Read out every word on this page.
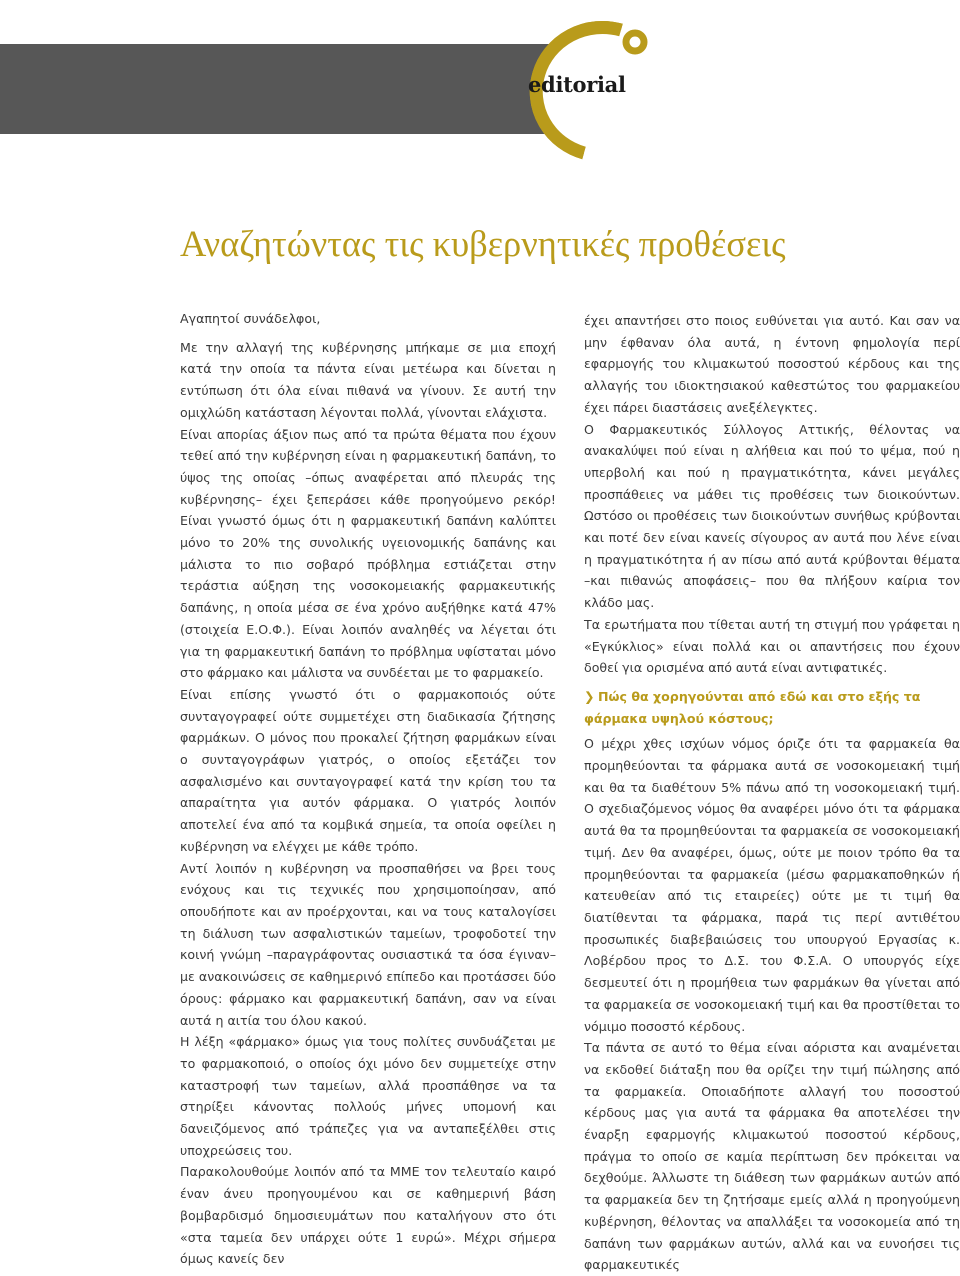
editorial
Αναζητώντας τις κυβερνητικές προθέσεις

Αγαπητοί συνάδελφοι,

Με την αλλαγή της κυβέρνησης μπήκαμε σε μια εποχή κατά την οποία τα πάντα είναι μετέωρα και δίνεται η εντύπωση ότι όλα είναι πιθανά να γίνουν. Σε αυτή την ομιχλώδη κατάσταση λέγονται πολλά, γίνονται ελάχιστα.

Είναι απορίας άξιον πως από τα πρώτα θέματα που έχουν τεθεί από την κυβέρνηση είναι η φαρμακευτική δαπάνη, το ύψος της οποίας –όπως αναφέρεται από πλευράς της κυβέρνησης– έχει ξεπεράσει κάθε προηγούμενο ρεκόρ! Είναι γνωστό όμως ότι η φαρμακευτική δαπάνη καλύπτει μόνο το 20% της συνολικής υγειονομικής δαπάνης και μάλιστα το πιο σοβαρό πρόβλημα εστιάζεται στην τεράστια αύξηση της νοσοκομειακής φαρμακευτικής δαπάνης, η οποία μέσα σε ένα χρόνο αυξήθηκε κατά 47% (στοιχεία Ε.Ο.Φ.). Είναι λοιπόν αναληθές να λέγεται ότι για τη φαρμακευτική δαπάνη το πρόβλημα υφίσταται μόνο στο φάρμακο και μάλιστα να συνδέεται με το φαρμακείο.

Είναι επίσης γνωστό ότι ο φαρμακοποιός ούτε συνταγογραφεί ούτε συμμετέχει στη διαδικασία ζήτησης φαρμάκων. Ο μόνος που προκαλεί ζήτηση φαρμάκων είναι ο συνταγογράφων γιατρός, ο οποίος εξετάζει τον ασφαλισμένο και συνταγογραφεί κατά την κρίση του τα απαραίτητα για αυτόν φάρμακα. Ο γιατρός λοιπόν αποτελεί ένα από τα κομβικά σημεία, τα οποία οφείλει η κυβέρνηση να ελέγχει με κάθε τρόπο.

Αντί λοιπόν η κυβέρνηση να προσπαθήσει να βρει τους ενόχους και τις τεχνικές που χρησιμοποίησαν, από οπουδήποτε και αν προέρχονται, και να τους καταλογίσει τη διάλυση των ασφαλιστικών ταμείων, τροφοδοτεί την κοινή γνώμη –παραγράφοντας ουσιαστικά τα όσα έγιναν– με ανακοινώσεις σε καθημερινό επίπεδο και προτάσσει δύο όρους: φάρμακο και φαρμακευτική δαπάνη, σαν να είναι αυτά η αιτία του όλου κακού.

Η λέξη «φάρμακο» όμως για τους πολίτες συνδυάζεται με το φαρμακοποιό, ο οποίος όχι μόνο δεν συμμετείχε στην καταστροφή των ταμείων, αλλά προσπάθησε να τα στηρίξει κάνοντας πολλούς μήνες υπομονή και δανειζόμενος από τράπεζες για να ανταπεξέλθει στις υποχρεώσεις του.

Παρακολουθούμε λοιπόν από τα ΜΜΕ τον τελευταίο καιρό έναν άνευ προηγουμένου και σε καθημερινή βάση βομβαρδισμό δημοσιευμάτων που καταλήγουν στο ότι «στα ταμεία δεν υπάρχει ούτε 1 ευρώ». Μέχρι σήμερα όμως κανείς δεν

έχει απαντήσει στο ποιος ευθύνεται για αυτό. Και σαν να μην έφθαναν όλα αυτά, η έντονη φημολογία περί εφαρμογής του κλιμακωτού ποσοστού κέρδους και της αλλαγής του ιδιοκτησιακού καθεστώτος του φαρμακείου έχει πάρει διαστάσεις ανεξέλεγκτες.

Ο Φαρμακευτικός Σύλλογος Αττικής, θέλοντας να ανακαλύψει πού είναι η αλήθεια και πού το ψέμα, πού η υπερβολή και πού η πραγματικότητα, κάνει μεγάλες προσπάθειες να μάθει τις προθέσεις των διοικούντων. Ωστόσο οι προθέσεις των διοικούντων συνήθως κρύβονται και ποτέ δεν είναι κανείς σίγουρος αν αυτά που λένε είναι η πραγματικότητα ή αν πίσω από αυτά κρύβονται θέματα –και πιθανώς αποφάσεις– που θα πλήξουν καίρια τον κλάδο μας.

Τα ερωτήματα που τίθεται αυτή τη στιγμή που γράφεται η «Εγκύκλιος» είναι πολλά και οι απαντήσεις που έχουν δοθεί για ορισμένα από αυτά είναι αντιφατικές.

❯ Πώς θα χορηγούνται από εδώ και στο εξής τα φάρμακα υψηλού κόστους;

Ο μέχρι χθες ισχύων νόμος όριζε ότι τα φαρμακεία θα προμηθεύονται τα φάρμακα αυτά σε νοσοκομειακή τιμή και θα τα διαθέτουν 5% πάνω από τη νοσοκομειακή τιμή. Ο σχεδιαζόμενος νόμος θα αναφέρει μόνο ότι τα φάρμακα αυτά θα τα προμηθεύονται τα φαρμακεία σε νοσοκομειακή τιμή. Δεν θα αναφέρει, όμως, ούτε με ποιον τρόπο θα τα προμηθεύονται τα φαρμακεία (μέσω φαρμακαποθηκών ή κατευθείαν από τις εταιρείες) ούτε με τι τιμή θα διατίθενται τα φάρμακα, παρά τις περί αντιθέτου προσωπικές διαβεβαιώσεις του υπουργού Εργασίας κ. Λοβέρδου προς το Δ.Σ. του Φ.Σ.Α. Ο υπουργός είχε δεσμευτεί ότι η προμήθεια των φαρμάκων θα γίνεται από τα φαρμακεία σε νοσοκομειακή τιμή και θα προστίθεται το νόμιμο ποσοστό κέρδους.

Τα πάντα σε αυτό το θέμα είναι αόριστα και αναμένεται να εκδοθεί διάταξη που θα ορίζει την τιμή πώλησης από τα φαρμακεία. Οποιαδήποτε αλλαγή του ποσοστού κέρδους μας για αυτά τα φάρμακα θα αποτελέσει την έναρξη εφαρμογής κλιμακωτού ποσοστού κέρδους, πράγμα το οποίο σε καμία περίπτωση δεν πρόκειται να δεχθούμε. Άλλωστε τη διάθεση των φαρμάκων αυτών από τα φαρμακεία δεν τη ζητήσαμε εμείς αλλά η προηγούμενη κυβέρνηση, θέλοντας να απαλλάξει τα νοσοκομεία από τη δαπάνη των φαρμάκων αυτών, αλλά και να ευνοήσει τις φαρμακευτικές
